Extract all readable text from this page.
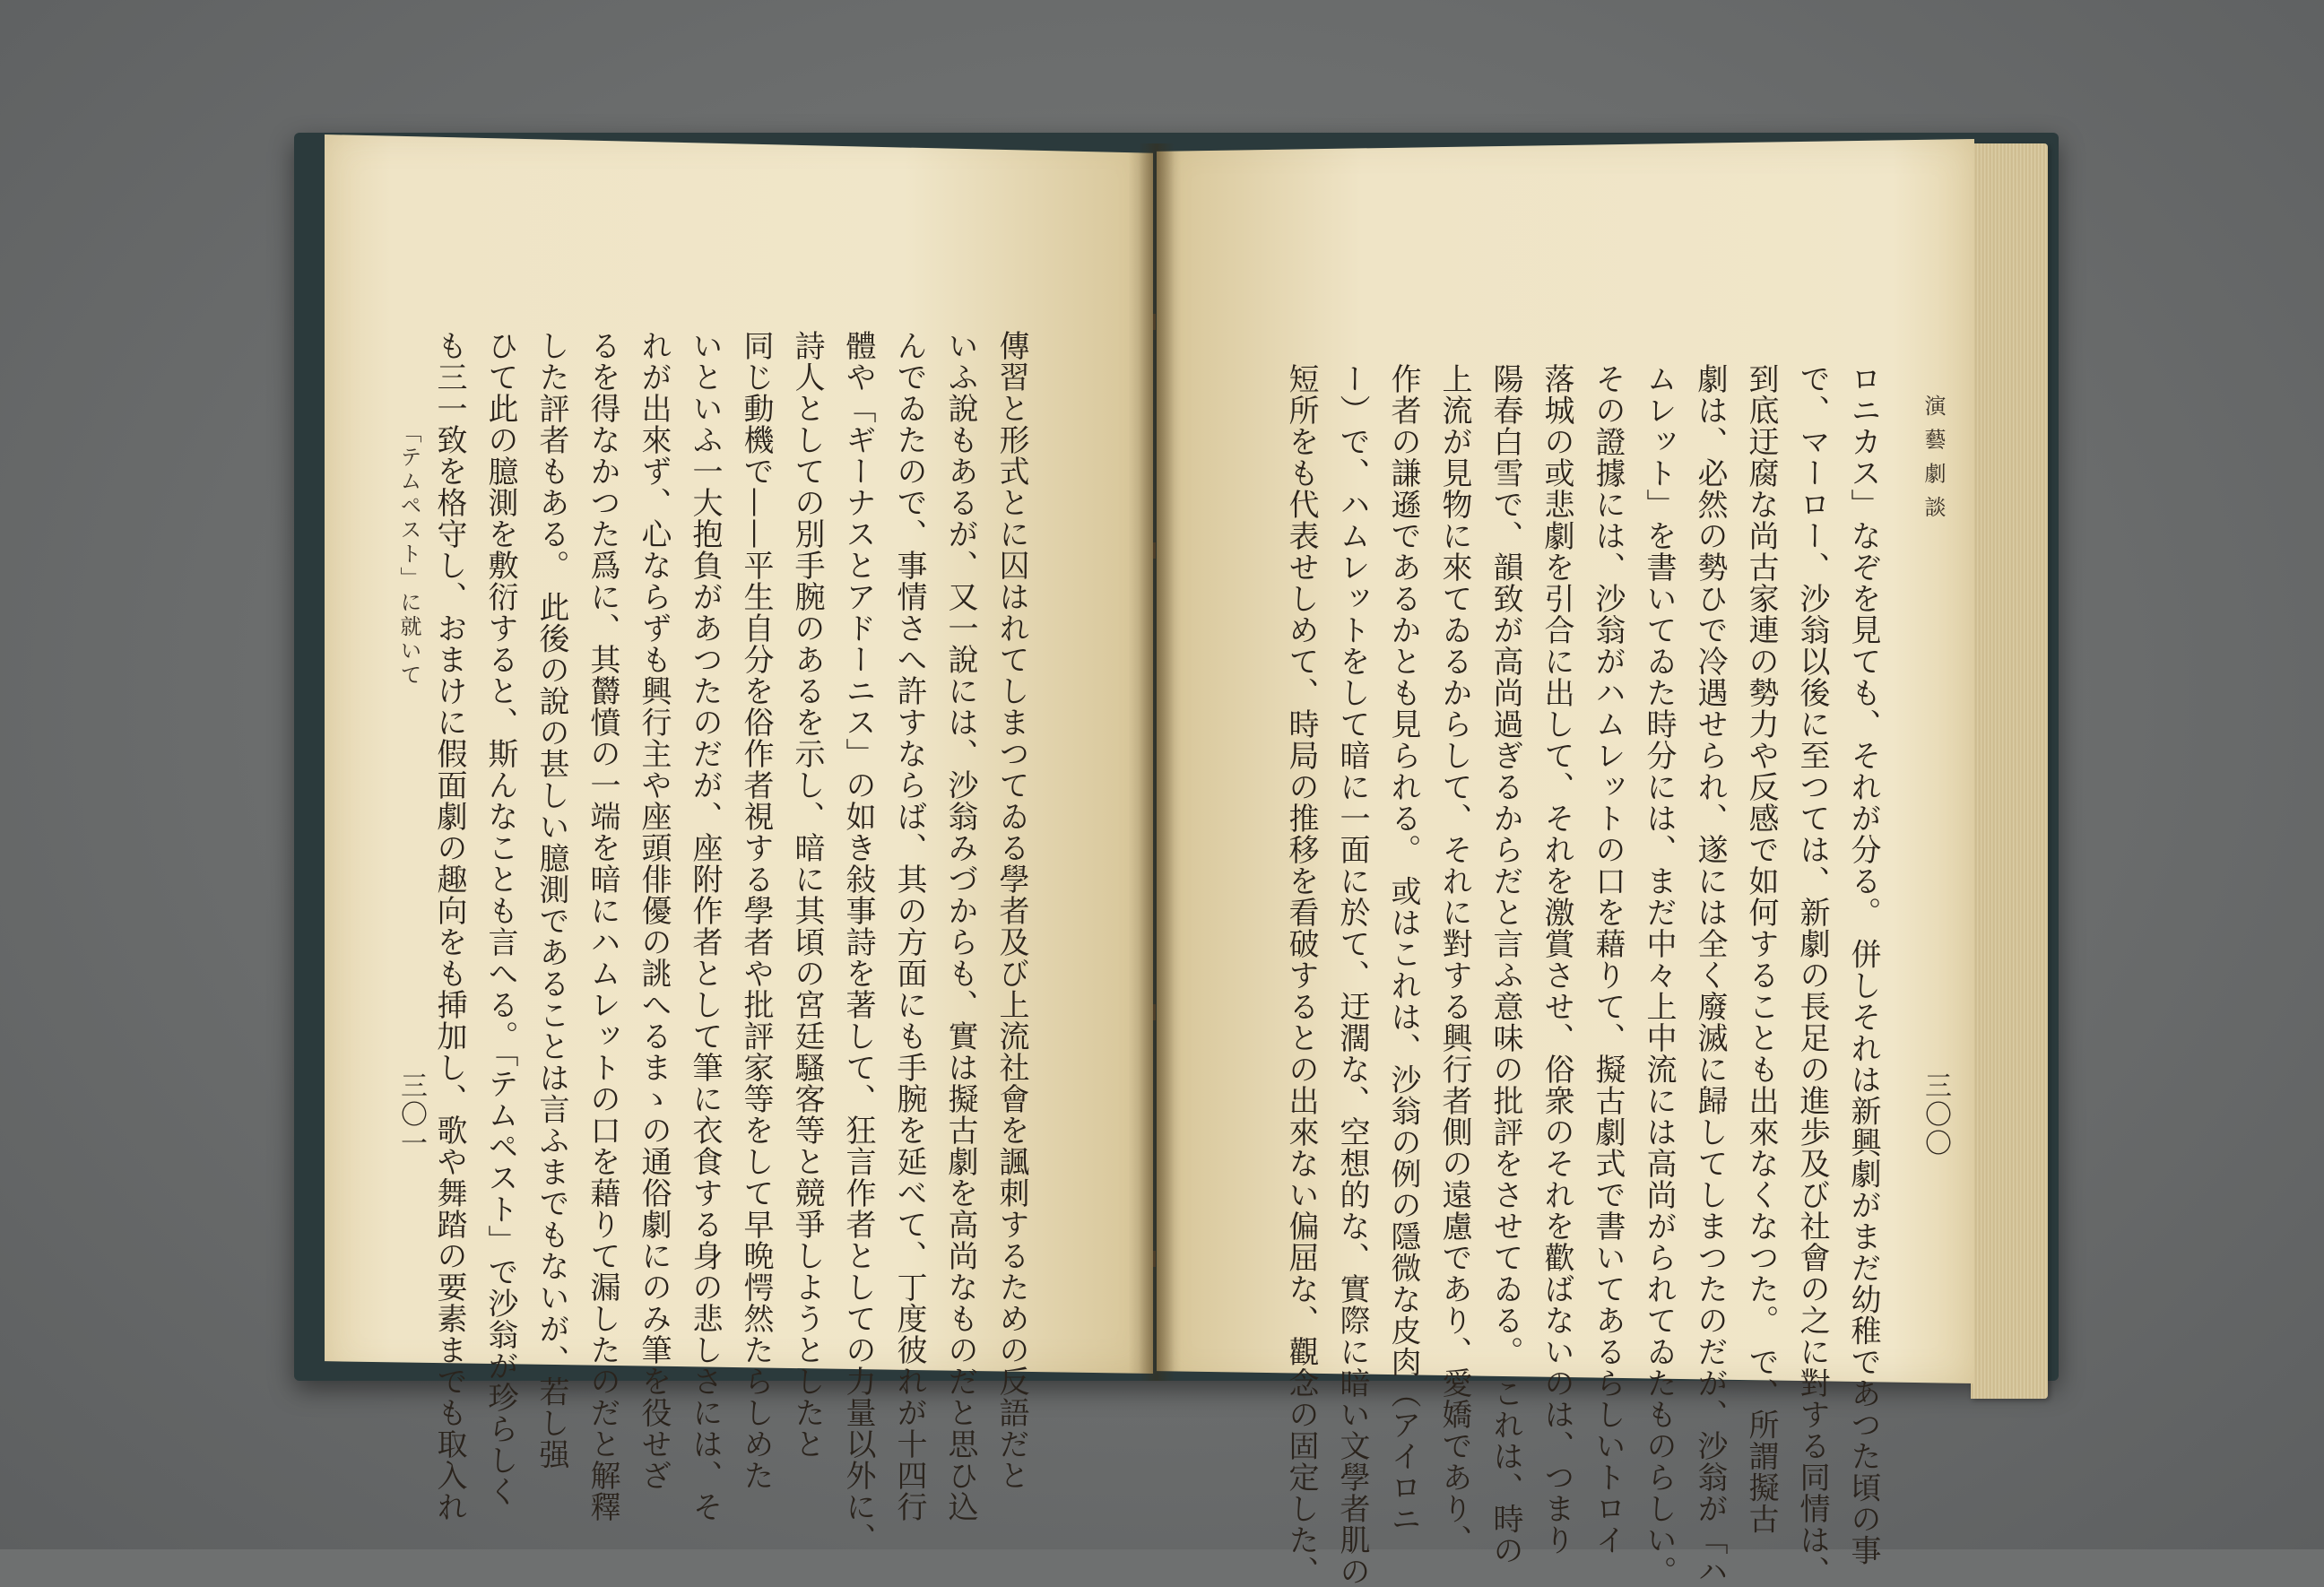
演 藝 劇 談
三〇〇
ロニカス」なぞを見ても、それが分る。 併しそれは新興劇がまだ幼稚であつた頃の事
で、マーロー、沙翁以後に至つては、新劇の長足の進歩及び社會の之に對する同情は、
到底迂腐な尚古家連の勢力や反感で如何することも出來なくなつた。 で、所謂擬古
劇は、必然の勢ひで冷遇せられ、遂には全く廢滅に歸してしまつたのだが、沙翁が「ハ
ムレット」を書いてゐた時分には、まだ中々上中流には高尚がられてゐたものらしい。
その證據には、沙翁がハムレットの口を藉りて、擬古劇式で書いてあるらしいトロイ
落城の或悲劇を引合に出して、それを激賞させ、俗衆のそれを歡ばないのは、つまり
陽春白雪で、韻致が高尚過ぎるからだと言ふ意味の批評をさせてゐる。 これは、時の
上流が見物に來てゐるからして、それに對する興行者側の遠慮であり、愛嬌であり、
作者の謙遜であるかとも見られる。 或はこれは、沙翁の例の隱微な皮肉（アイロニ
ー）で、ハムレットをして暗に一面に於て、迂濶な、空想的な、實際に暗い文學者肌の
短所をも代表せしめて、時局の推移を看破するとの出來ない偏屈な、觀念の固定した、
傳習と形式とに囚はれてしまつてゐる學者及び上流社會を諷刺するための反語だと
いふ說もあるが、又一說には、沙翁みづからも、實は擬古劇を高尚なものだと思ひ込
んでゐたので、事情さへ許すならば、其の方面にも手腕を延べて、丁度彼れが十四行
體や「ギーナスとアドーニス」の如き敍事詩を著して、狂言作者としての力量以外に、
詩人としての別手腕のあるを示し、暗に其頃の宮廷騷客等と競爭しようとしたと
同じ動機で——平生自分を俗作者視する學者や批評家等をして早晩愕然たらしめた
いといふ一大抱負があつたのだが、座附作者として筆に衣食する身の悲しさには、そ
れが出來ず、心ならずも興行主や座頭俳優の誂へるまゝの通俗劇にのみ筆を役せざ
るを得なかつた爲に、其欝憤の一端を暗にハムレットの口を藉りて漏したのだと解釋
した評者もある。 此後の說の甚しい臆測であることは言ふまでもないが、若し强
ひて此の臆測を敷衍すると、斯んなことも言へる。「テムペスト」で沙翁が珍らしく
も三一致を格守し、おまけに假面劇の趣向をも挿加し、歌や舞踏の要素までも取入れ
「テムペスト」に就いて
三〇一
